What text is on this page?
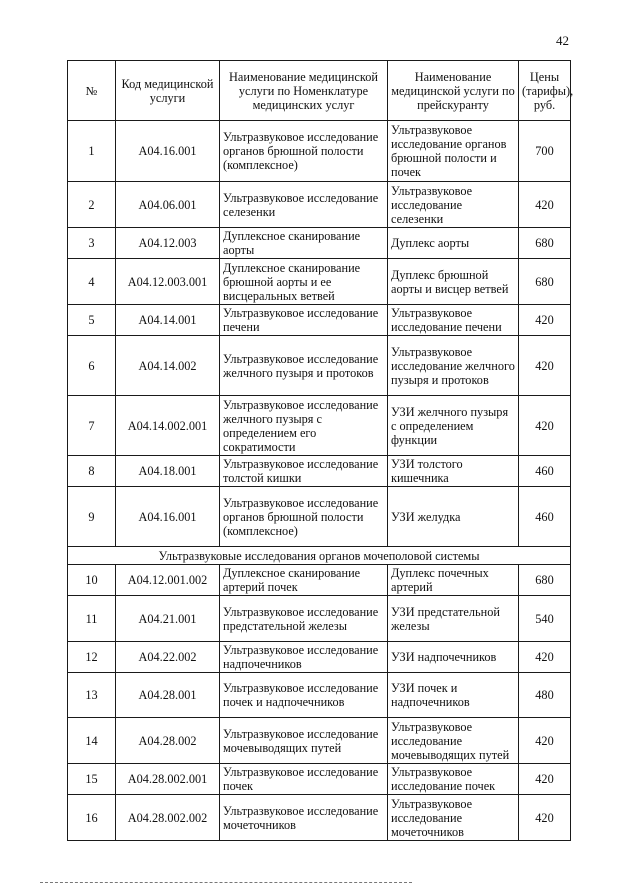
42
№	Код медицинской услуги	Наименование медицинской услуги по Номенклатуре медицинских услуг	Наименование медицинской услуги по прейскуранту	Цены (тарифы), руб.
1	A04.16.001	Ультразвуковое исследование органов брюшной полости (комплексное)	Ультразвуковое исследование органов брюшной полости и почек	700
2	A04.06.001	Ультразвуковое исследование селезенки	Ультразвуковое исследование селезенки	420
3	A04.12.003	Дуплексное сканирование аорты	Дуплекс аорты	680
4	A04.12.003.001	Дуплексное сканирование брюшной аорты и ее висцеральных ветвей	Дуплекс брюшной аорты и висцер ветвей	680
5	A04.14.001	Ультразвуковое исследование печени	Ультразвуковое исследование печени	420
6	A04.14.002	Ультразвуковое исследование желчного пузыря и протоков	Ультразвуковое исследование желчного пузыря и протоков	420
7	A04.14.002.001	Ультразвуковое исследование желчного пузыря с определением его сократимости	УЗИ желчного пузыря с определением функции	420
8	A04.18.001	Ультразвуковое исследование толстой кишки	УЗИ толстого кишечника	460
9	A04.16.001	Ультразвуковое исследование органов брюшной полости (комплексное)	УЗИ желудка	460
Ультразвуковые исследования органов мочеполовой системы				
10	A04.12.001.002	Дуплексное сканирование артерий почек	Дуплекс почечных артерий	680
11	A04.21.001	Ультразвуковое исследование предстательной железы	УЗИ предстательной железы	540
12	A04.22.002	Ультразвуковое исследование надпочечников	УЗИ надпочечников	420
13	A04.28.001	Ультразвуковое исследование почек и надпочечников	УЗИ почек и надпочечников	480
14	A04.28.002	Ультразвуковое исследование мочевыводящих путей	Ультразвуковое исследование мочевыводящих путей	420
15	A04.28.002.001	Ультразвуковое исследование почек	Ультразвуковое исследование почек	420
16	A04.28.002.002	Ультразвуковое исследование мочеточников	Ультразвуковое исследование мочеточников	420
